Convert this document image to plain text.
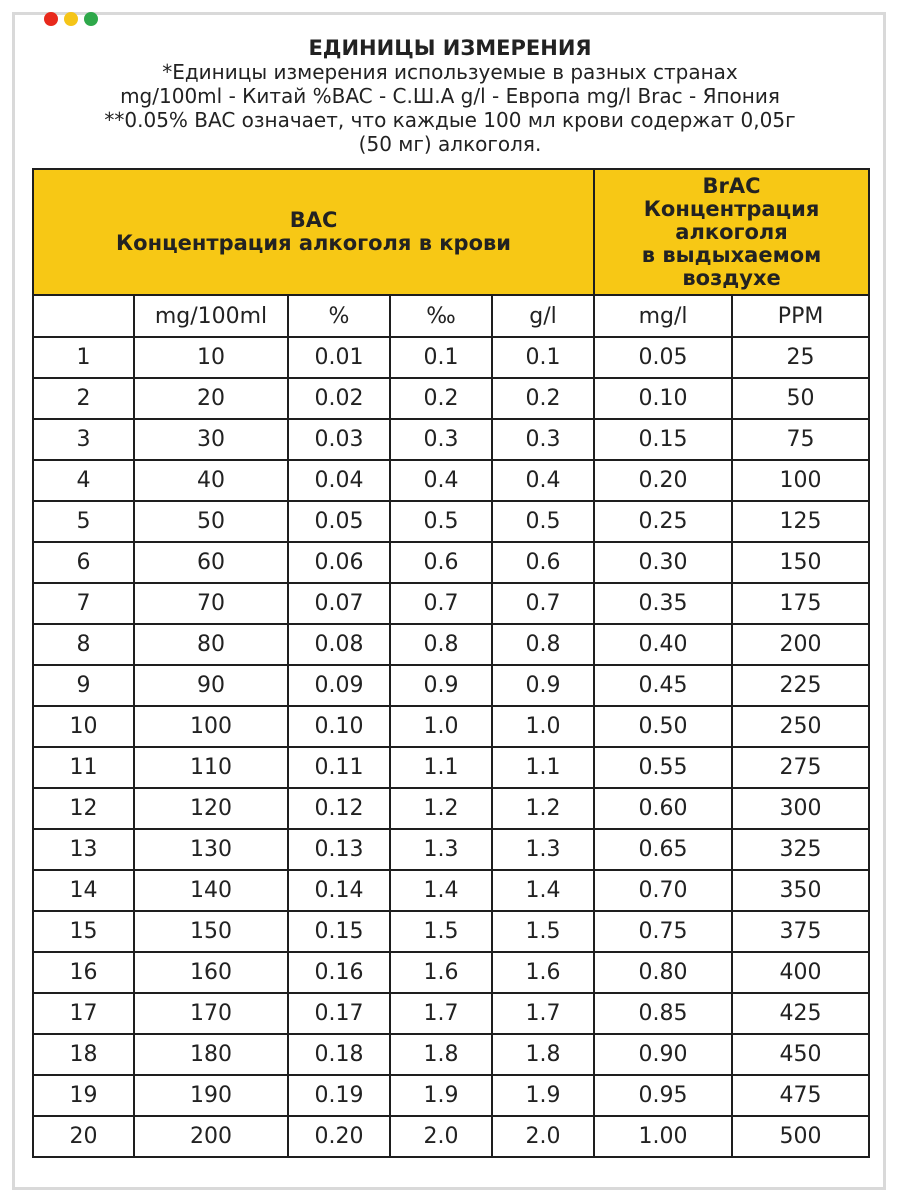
ЕДИНИЦЫ ИЗМЕРЕНИЯ
*Единицы измерения используемые в разных странах
mg/100ml - Китай %BAC - С.Ш.А g/l - Европа mg/l Brac - Япония
**0.05% BAC означает, что каждые 100 мл крови содержат 0,05г
(50 мг) алкоголя.
BAC
Концентрация алкоголя в крови					BrAC
Концентрация
алкоголя
в выдыхаемом
воздухе	

	mg/100ml	%	‰	g/l	mg/l	PPM
1	10	0.01	0.1	0.1	0.05	25
2	20	0.02	0.2	0.2	0.10	50
3	30	0.03	0.3	0.3	0.15	75
4	40	0.04	0.4	0.4	0.20	100
5	50	0.05	0.5	0.5	0.25	125
6	60	0.06	0.6	0.6	0.30	150
7	70	0.07	0.7	0.7	0.35	175
8	80	0.08	0.8	0.8	0.40	200
9	90	0.09	0.9	0.9	0.45	225
10	100	0.10	1.0	1.0	0.50	250
11	110	0.11	1.1	1.1	0.55	275
12	120	0.12	1.2	1.2	0.60	300
13	130	0.13	1.3	1.3	0.65	325
14	140	0.14	1.4	1.4	0.70	350
15	150	0.15	1.5	1.5	0.75	375
16	160	0.16	1.6	1.6	0.80	400
17	170	0.17	1.7	1.7	0.85	425
18	180	0.18	1.8	1.8	0.90	450
19	190	0.19	1.9	1.9	0.95	475
20	200	0.20	2.0	2.0	1.00	500
